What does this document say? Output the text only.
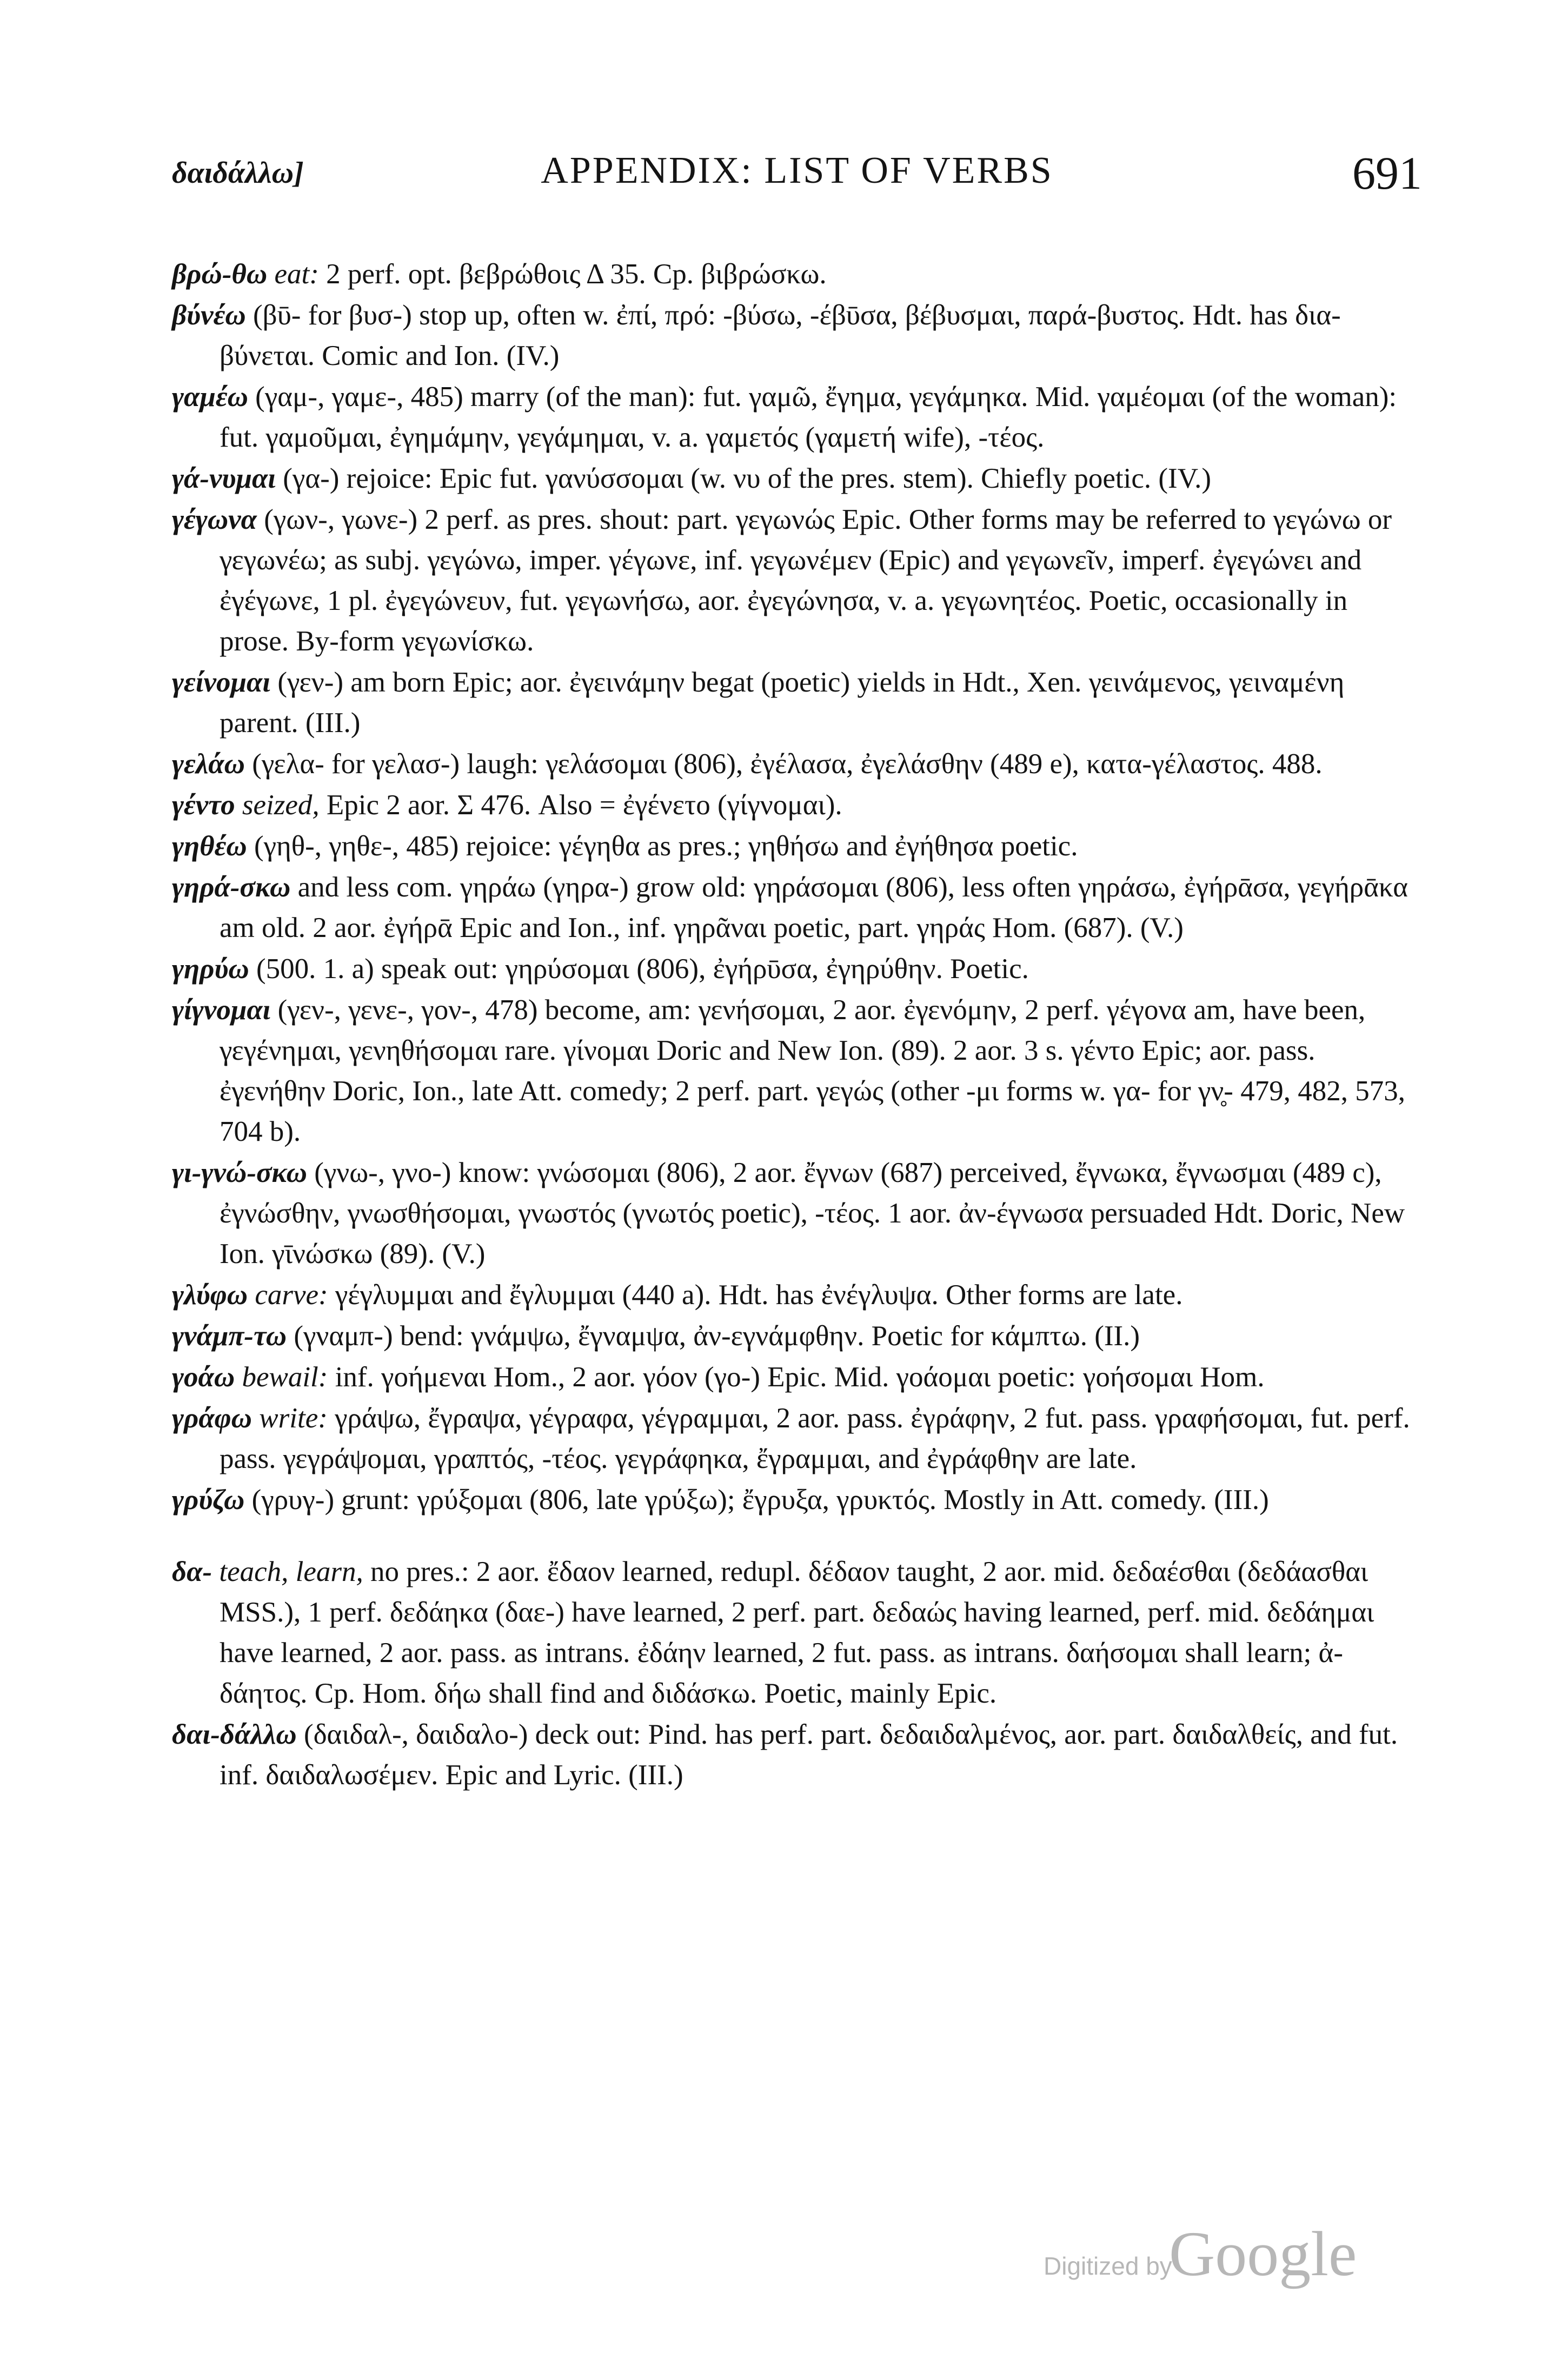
δαιδάλλω]	APPENDIX: LIST OF VERBS	691

βρώ-θω eat: 2 perf. opt. βεβρώθοις Δ 35. Cp. βιβρώσκω.

βύνέω (βῡ- for βυσ-) stop up, often w. ἐπί, πρό: -βύσω, -έβῡσα, βέβυσμαι, παρά-βυστος. Hdt. has δια-βύνεται. Comic and Ion. (IV.)

γαμέω (γαμ-, γαμε-, 485) marry (of the man): fut. γαμῶ, ἔγημα, γεγάμηκα. Mid. γαμέομαι (of the woman): fut. γαμοῦμαι, ἐγημάμην, γεγάμημαι, v. a. γαμετός (γαμετή wife), -τέος.

γά-νυμαι (γα-) rejoice: Epic fut. γανύσσομαι (w. νυ of the pres. stem). Chiefly poetic. (IV.)

γέγωνα (γων-, γωνε-) 2 perf. as pres. shout: part. γεγωνώς Epic. Other forms may be referred to γεγώνω or γεγωνέω; as subj. γεγώνω, imper. γέγωνε, inf. γεγωνέμεν (Epic) and γεγωνεῖν, imperf. ἐγεγώνει and ἐγέγωνε, 1 pl. ἐγεγώνευν, fut. γεγωνήσω, aor. ἐγεγώνησα, v. a. γεγωνητέος. Poetic, occasionally in prose. By-form γεγωνίσκω.

γείνομαι (γεν-) am born Epic; aor. ἐγεινάμην begat (poetic) yields in Hdt., Xen. γεινάμενος, γειναμένη parent. (III.)

γελάω (γελα- for γελασ-) laugh: γελάσομαι (806), ἐγέλασα, ἐγελάσθην (489 e), κατα-γέλαστος. 488.

γέντο seized, Epic 2 aor. Σ 476. Also = ἐγένετο (γίγνομαι).

γηθέω (γηθ-, γηθε-, 485) rejoice: γέγηθα as pres.; γηθήσω and ἐγήθησα poetic.

γηρά-σκω and less com. γηράω (γηρα-) grow old: γηράσομαι (806), less often γηράσω, ἐγήρᾱσα, γεγήρᾱκα am old. 2 aor. ἐγήρᾱ Epic and Ion., inf. γηρᾶναι poetic, part. γηράς Hom. (687). (V.)

γηρύω (500. 1. a) speak out: γηρύσομαι (806), ἐγήρῡσα, ἐγηρύθην. Poetic.

γίγνομαι (γεν-, γενε-, γον-, 478) become, am: γενήσομαι, 2 aor. ἐγενόμην, 2 perf. γέγονα am, have been, γεγένημαι, γενηθήσομαι rare. γίνομαι Doric and New Ion. (89). 2 aor. 3 s. γέντο Epic; aor. pass. ἐγενήθην Doric, Ion., late Att. comedy; 2 perf. part. γεγώς (other -μι forms w. γα- for γν̥- 479, 482, 573, 704 b).

γι-γνώ-σκω (γνω-, γνο-) know: γνώσομαι (806), 2 aor. ἔγνων (687) perceived, ἔγνωκα, ἔγνωσμαι (489 c), ἐγνώσθην, γνωσθήσομαι, γνωστός (γνωτός poetic), -τέος. 1 aor. ἀν-έγνωσα persuaded Hdt. Doric, New Ion. γῑνώσκω (89). (V.)

γλύφω carve: γέγλυμμαι and ἔγλυμμαι (440 a). Hdt. has ἐνέγλυψα. Other forms are late.

γνάμπ-τω (γναμπ-) bend: γνάμψω, ἔγναμψα, ἀν-εγνάμφθην. Poetic for κάμπτω. (II.)

γοάω bewail: inf. γοήμεναι Hom., 2 aor. γόον (γο-) Epic. Mid. γοάομαι poetic: γοήσομαι Hom.

γράφω write: γράψω, ἔγραψα, γέγραφα, γέγραμμαι, 2 aor. pass. ἐγράφην, 2 fut. pass. γραφήσομαι, fut. perf. pass. γεγράψομαι, γραπτός, -τέος. γεγράφηκα, ἔγραμμαι, and ἐγράφθην are late.

γρύζω (γρυγ-) grunt: γρύξομαι (806, late γρύξω); ἔγρυξα, γρυκτός. Mostly in Att. comedy. (III.)

δα- teach, learn, no pres.: 2 aor. ἔδαον learned, redupl. δέδαον taught, 2 aor. mid. δεδαέσθαι (δεδάασθαι MSS.), 1 perf. δεδάηκα (δαε-) have learned, 2 perf. part. δεδαώς having learned, perf. mid. δεδάημαι have learned, 2 aor. pass. as intrans. ἐδάην learned, 2 fut. pass. as intrans. δαήσομαι shall learn; ἀ-δάητος. Cp. Hom. δήω shall find and διδάσκω. Poetic, mainly Epic.

δαι-δάλλω (δαιδαλ-, δαιδαλο-) deck out: Pind. has perf. part. δεδαιδαλμένος, aor. part. δαιδαλθείς, and fut. inf. δαιδαλωσέμεν. Epic and Lyric. (III.)

Digitized by
Google
